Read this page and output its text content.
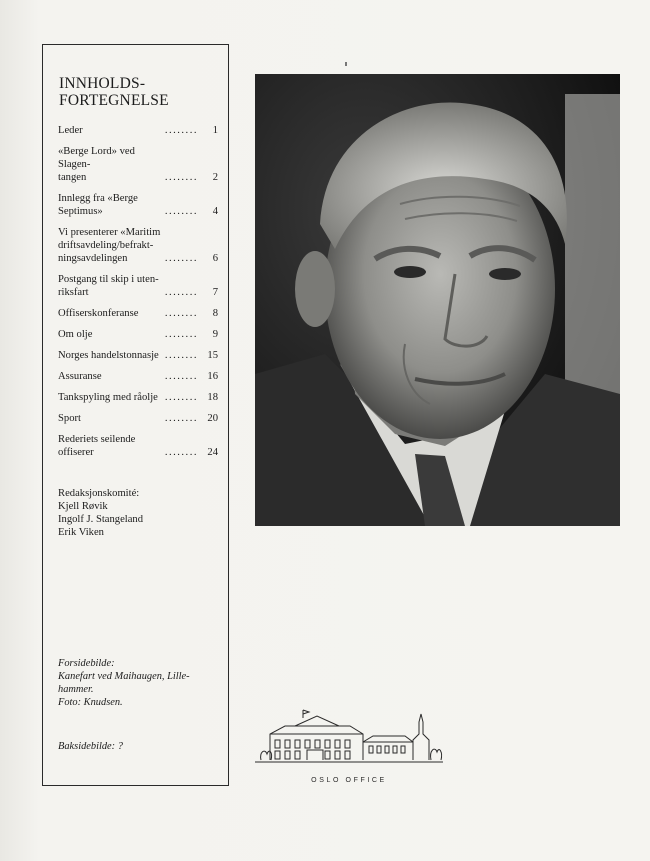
INNHOLDS-
FORTEGNELSE
Leder	........	1
«Berge Lord» ved Slagen-
tangen	........	2
Innlegg fra «Berge
Septimus»	........	4
Vi presenterer «Maritim
driftsavdeling/befrakt-
ningsavdelingen	........	6
Postgang til skip i uten-
riksfart	........	7
Offiserskonferanse	........	8
Om olje	........	9
Norges handelstonnasje ........ 15
Assuranse	........ 16
Tankspyling med råolje ........ 18
Sport	........ 20
Rederiets seilende offiserer	........ 24
Redaksjonskomité:
Kjell Røvik
Ingolf J. Stangeland
Erik Viken
Forsidebilde:
Kanefart ved Maihaugen, Lille-hammer.
Foto: Knudsen.
Baksidebilde: ?
OSLO OFFICE
